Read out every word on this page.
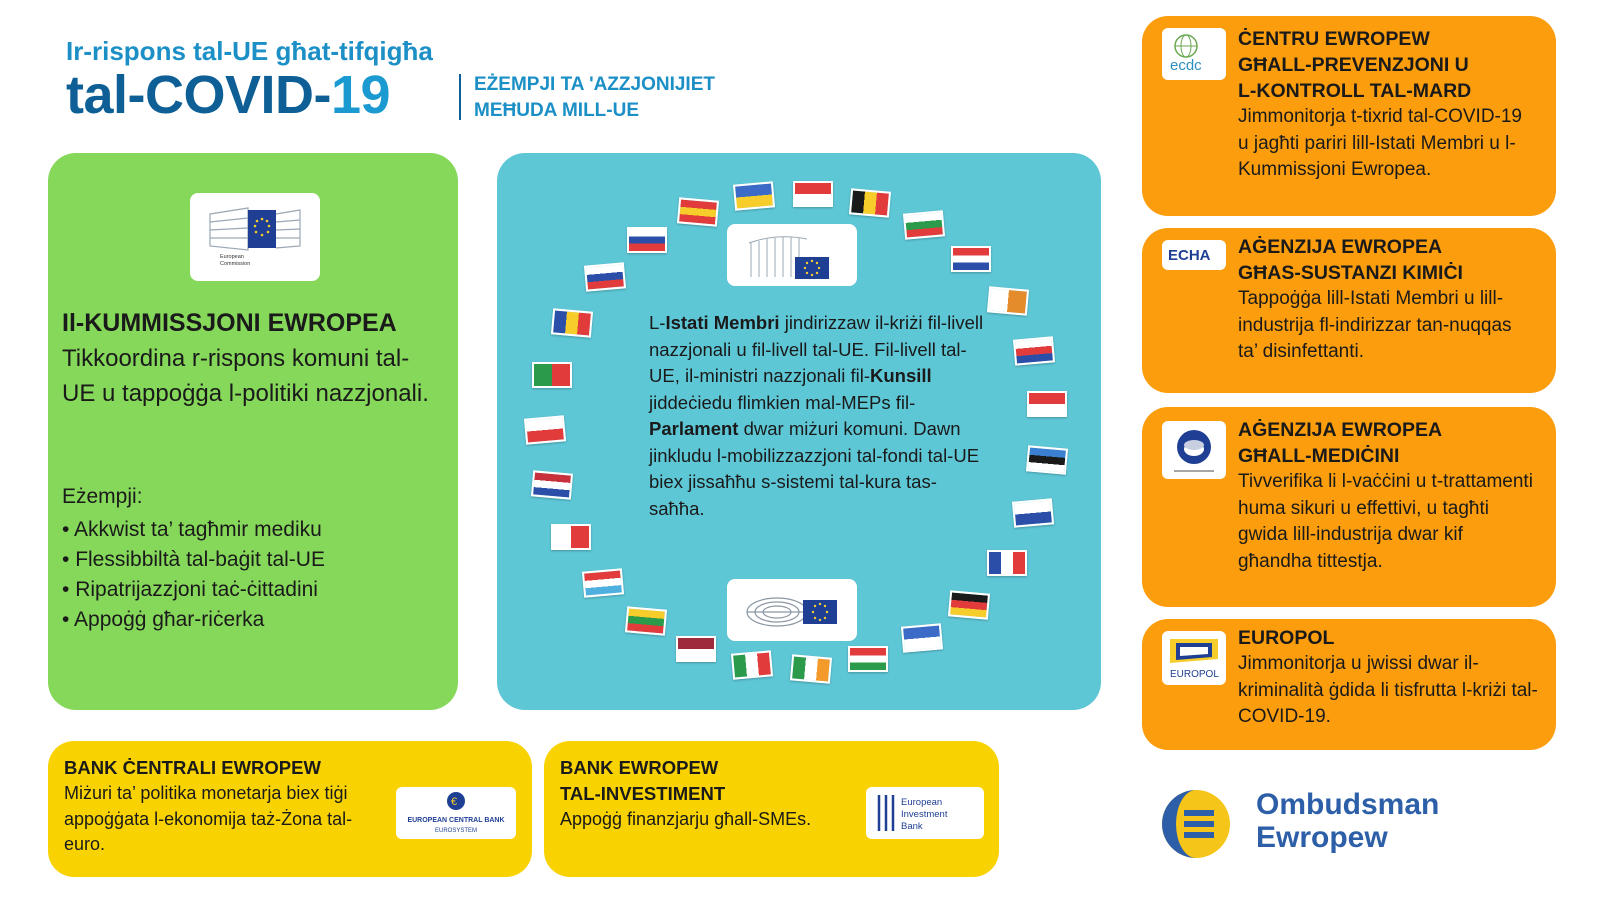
Ir-rispons tal-UE għat-tifqigħa
tal-COVID-19	EŻEMPJI TA 'AZZJONIJIET
MEĦUDA MILL-UE
European
Commission
Il-KUMMISSJONI EWROPEA
Tikkoordina r-rispons komuni tal-UE u tappoġġa l-politiki nazzjonali.
Eżempji:
• Akkwist ta’ tagħmir mediku
• Flessibbiltà tal-baġit tal-UE
• Ripatrijazzjoni taċ-ċittadini
• Appoġġ għar-riċerka
L-Istati Membri jindirizzaw il-kriżi fil-livell nazzjonali u fil-livell tal-UE. Fil-livell tal-UE, il-ministri nazzjonali fil-Kunsill jiddeċiedu flimkien mal-MEPs fil-Parlament dwar miżuri komuni. Dawn jinkludu l-mobilizzazzjoni tal-fondi tal-UE biex jissaħħu s-sistemi tal-kura tas-saħħa.
ecdc
ĊENTRU EWROPEW
GĦALL-PREVENZJONI U
L-KONTROLL TAL-MARD
Jimmonitorja t-tixrid tal-COVID-19 u jagħti pariri lill-Istati Membri u l-Kummissjoni Ewropea.
ECHA AĠENZIJA EWROPEA
GĦAS-SUSTANZI KIMIĊI
Tappoġġa lill-Istati Membri u lill-industrija fl-indirizzar tan-nuqqas ta’ disinfettanti.
AĠENZIJA EWROPEA
GĦALL-MEDIĊINI
Tivverifika li l-vaċċini u t-trattamenti huma sikuri u effettivi, u tagħti gwida lill-industrija dwar kif għandha tittestja.
EUROPOL
EUROPOL
Jimmonitorja u jwissi dwar il-kriminalità ġdida li tisfrutta l-kriżi tal-COVID-19.
BANK ĊENTRALI EWROPEW
Miżuri ta’ politika monetarja biex tiġi appoġġata l-ekonomija taż-Żona tal-euro.
€
EUROPEAN CENTRAL BANK
EUROSYSTEM
BANK EWROPEW
TAL-INVESTIMENT
Appoġġ finanzjarju għall-SMEs.
European
Investment
Bank
Ombudsman
Ewropew
